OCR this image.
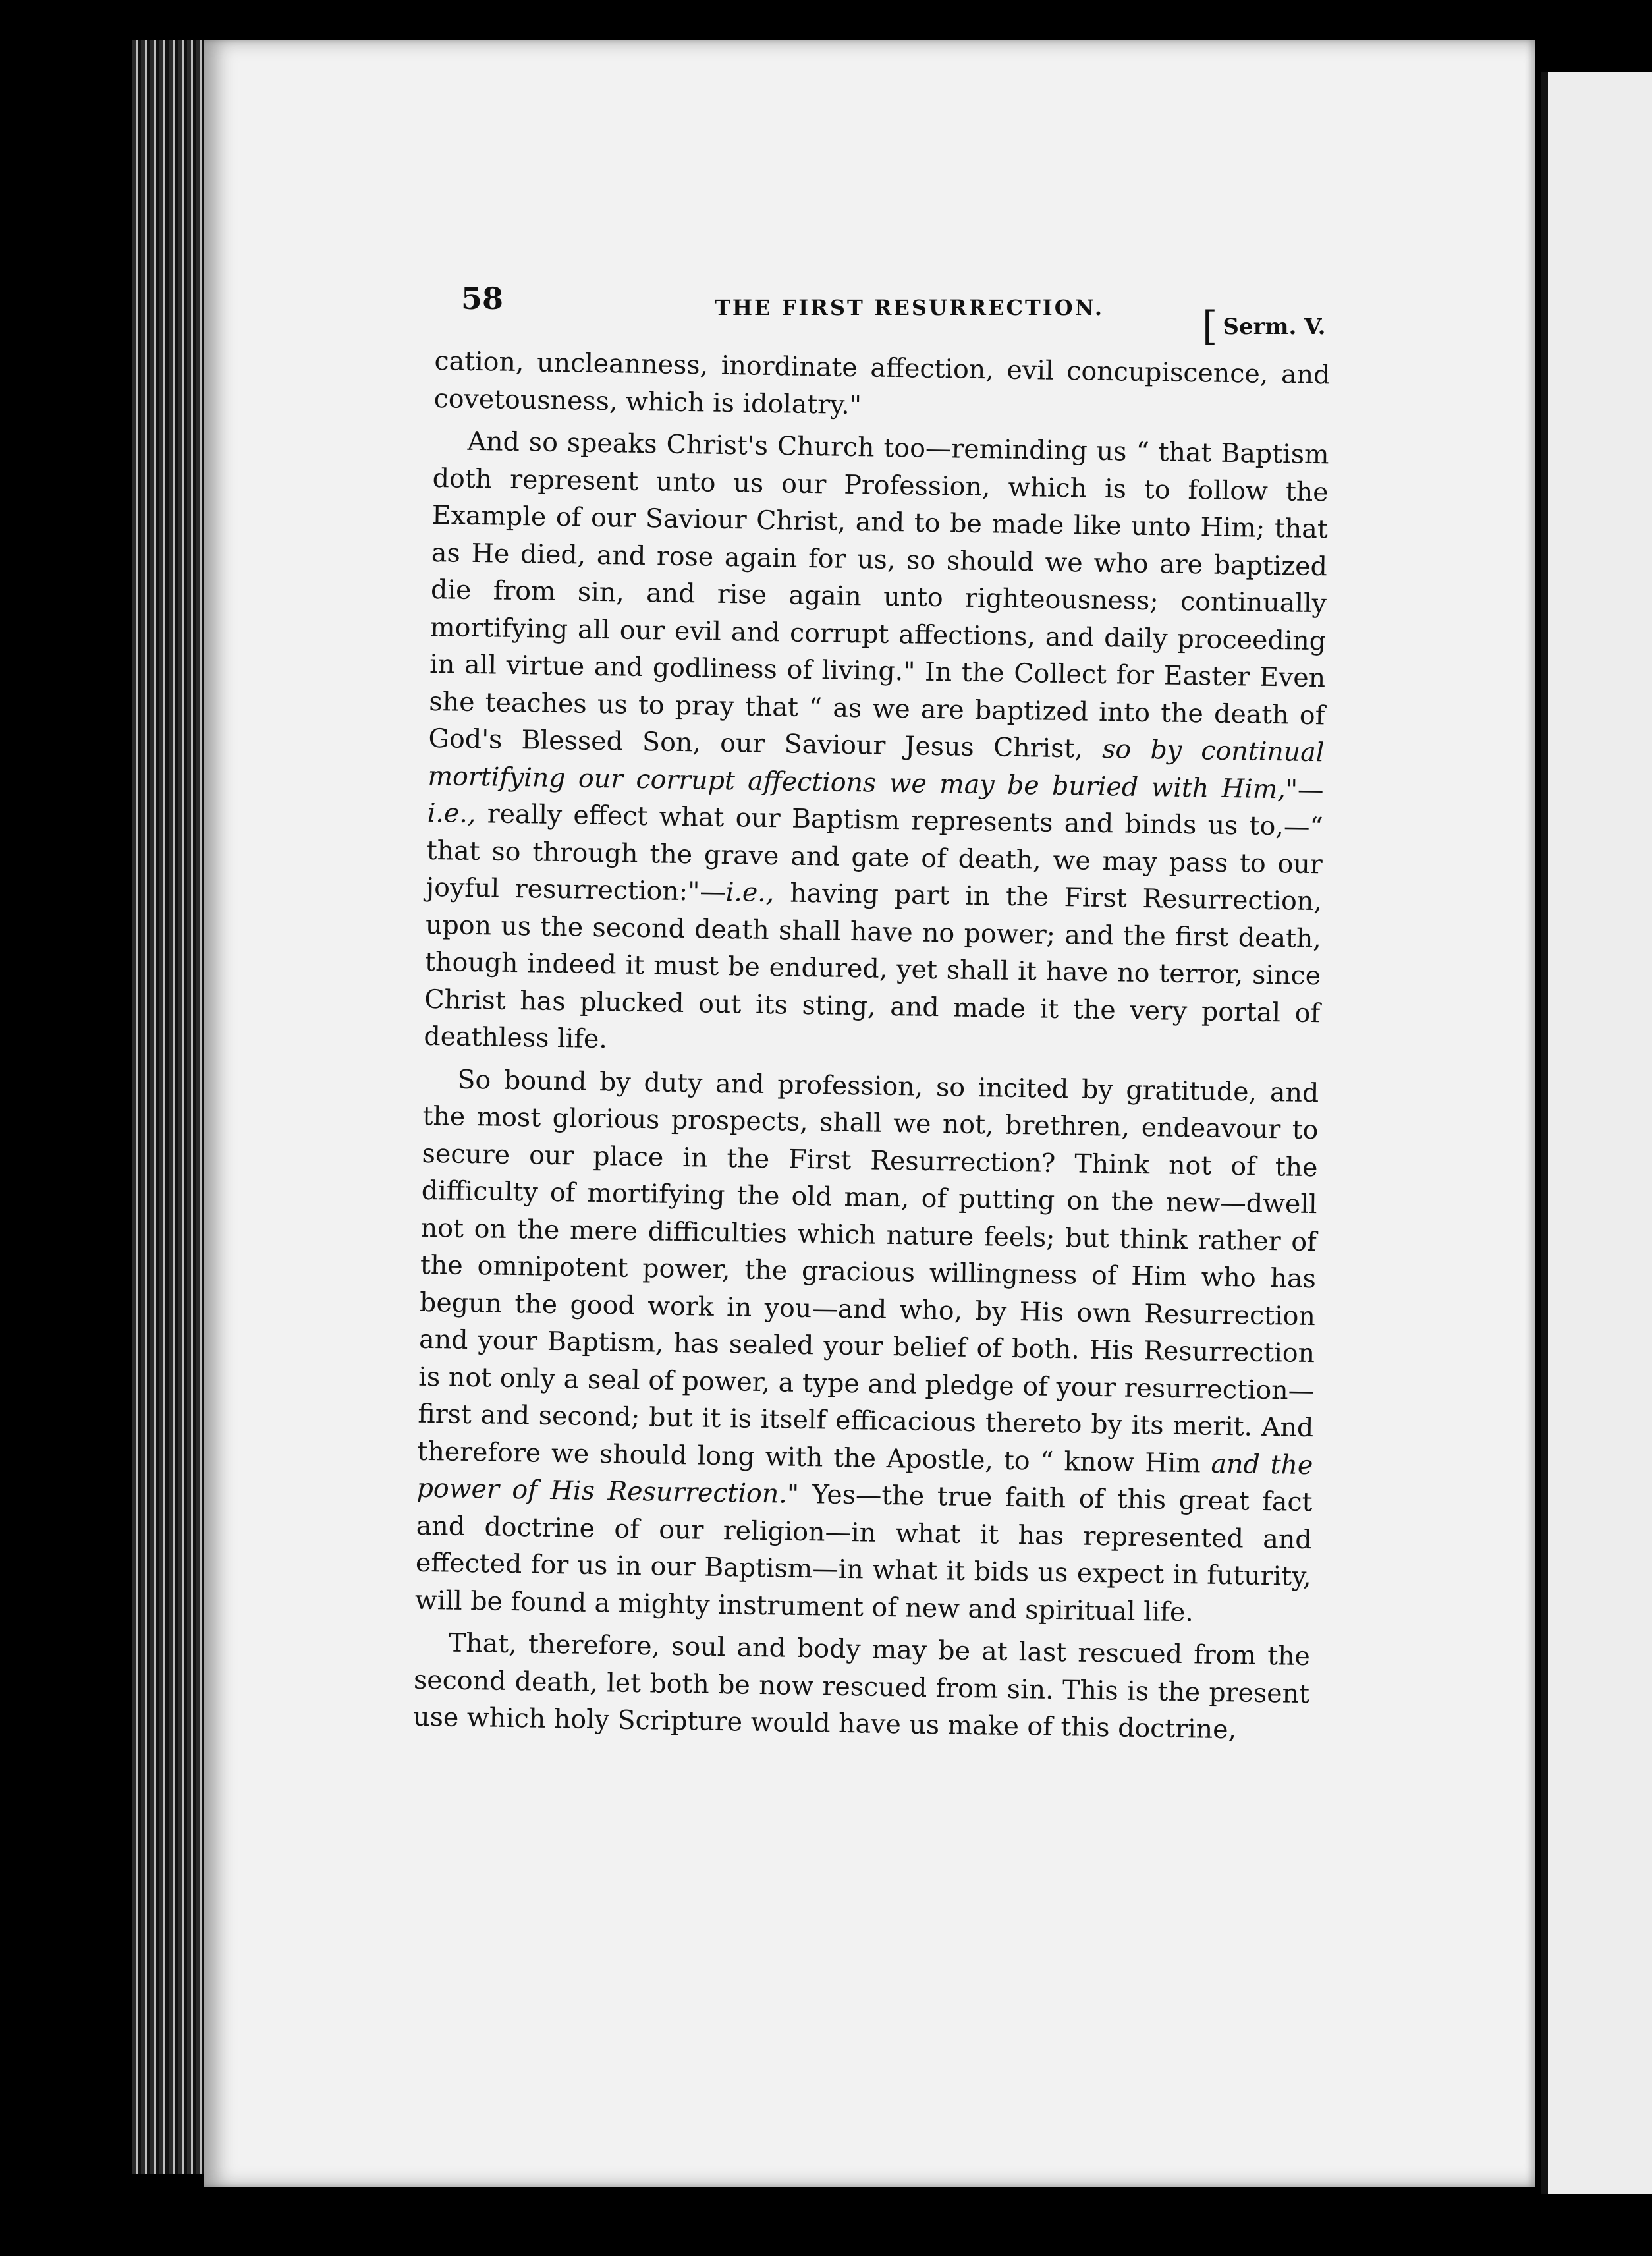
58	THE FIRST RESURRECTION. [ Serm. V.

cation, uncleanness, inordinate affection, evil concupiscence, and covetousness, which is idolatry."

And so speaks Christ's Church too—reminding us “ that Baptism doth represent unto us our Profession, which is to follow the Example of our Saviour Christ, and to be made like unto Him; that as He died, and rose again for us, so should we who are baptized die from sin, and rise again unto righteousness; continually mortifying all our evil and corrupt affections, and daily proceeding in all virtue and godliness of living." In the Collect for Easter Even she teaches us to pray that “ as we are baptized into the death of God's Blessed Son, our Saviour Jesus Christ, so by continual mortifying our corrupt affections we may be buried with Him,"—i.e., really effect what our Baptism represents and binds us to,—“ that so through the grave and gate of death, we may pass to our joyful resurrection:"—i.e., having part in the First Resurrection, upon us the second death shall have no power; and the first death, though indeed it must be endured, yet shall it have no terror, since Christ has plucked out its sting, and made it the very portal of deathless life.

So bound by duty and profession, so incited by gratitude, and the most glorious prospects, shall we not, brethren, endeavour to secure our place in the First Resurrection? Think not of the difficulty of mortifying the old man, of putting on the new—dwell not on the mere difficulties which nature feels; but think rather of the omnipotent power, the gracious willingness of Him who has begun the good work in you—and who, by His own Resurrection and your Baptism, has sealed your belief of both. His Resurrection is not only a seal of power, a type and pledge of your resurrection—first and second; but it is itself efficacious thereto by its merit. And therefore we should long with the Apostle, to “ know Him and the power of His Resurrection." Yes—the true faith of this great fact and doctrine of our religion—in what it has represented and effected for us in our Baptism—in what it bids us expect in futurity, will be found a mighty instrument of new and spiritual life.

That, therefore, soul and body may be at last rescued from the second death, let both be now rescued from sin. This is the present use which holy Scripture would have us make of this doctrine,
